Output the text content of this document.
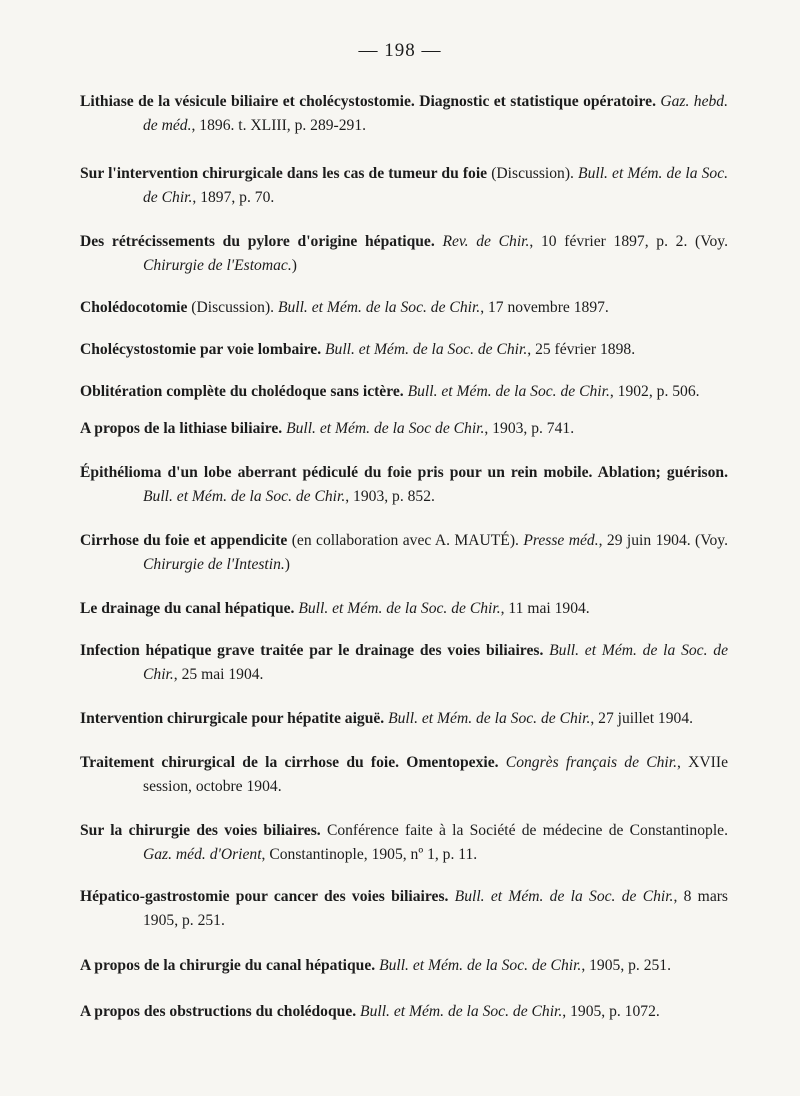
— 198 —
Lithiase de la vésicule biliaire et cholécystostomie. Diagnostic et statistique opératoire. Gaz. hebd. de méd., 1896. t. XLIII, p. 289-291.
Sur l'intervention chirurgicale dans les cas de tumeur du foie (Discussion). Bull. et Mém. de la Soc. de Chir., 1897, p. 70.
Des rétrécissements du pylore d'origine hépatique. Rev. de Chir., 10 février 1897, p. 2. (Voy. Chirurgie de l'Estomac.)
Cholédocotomie (Discussion). Bull. et Mém. de la Soc. de Chir., 17 novembre 1897.
Cholécystostomie par voie lombaire. Bull. et Mém. de la Soc. de Chir., 25 février 1898.
Oblitération complète du cholédoque sans ictère. Bull. et Mém. de la Soc. de Chir., 1902, p. 506.
A propos de la lithiase biliaire. Bull. et Mém. de la Soc de Chir., 1903, p. 741.
Épithélioma d'un lobe aberrant pédiculé du foie pris pour un rein mobile. Ablation; guérison. Bull. et Mém. de la Soc. de Chir., 1903, p. 852.
Cirrhose du foie et appendicite (en collaboration avec A. MAUTÉ). Presse méd., 29 juin 1904. (Voy. Chirurgie de l'Intestin.)
Le drainage du canal hépatique. Bull. et Mém. de la Soc. de Chir., 11 mai 1904.
Infection hépatique grave traitée par le drainage des voies biliaires. Bull. et Mém. de la Soc. de Chir., 25 mai 1904.
Intervention chirurgicale pour hépatite aiguë. Bull. et Mém. de la Soc. de Chir., 27 juillet 1904.
Traitement chirurgical de la cirrhose du foie. Omentopexie. Congrès français de Chir., XVIIe session, octobre 1904.
Sur la chirurgie des voies biliaires. Conférence faite à la Société de médecine de Constantinople. Gaz. méd. d'Orient, Constantinople, 1905, nº 1, p. 11.
Hépatico-gastrostomie pour cancer des voies biliaires. Bull. et Mém. de la Soc. de Chir., 8 mars 1905, p. 251.
A propos de la chirurgie du canal hépatique. Bull. et Mém. de la Soc. de Chir., 1905, p. 251.
A propos des obstructions du cholédoque. Bull. et Mém. de la Soc. de Chir., 1905, p. 1072.
